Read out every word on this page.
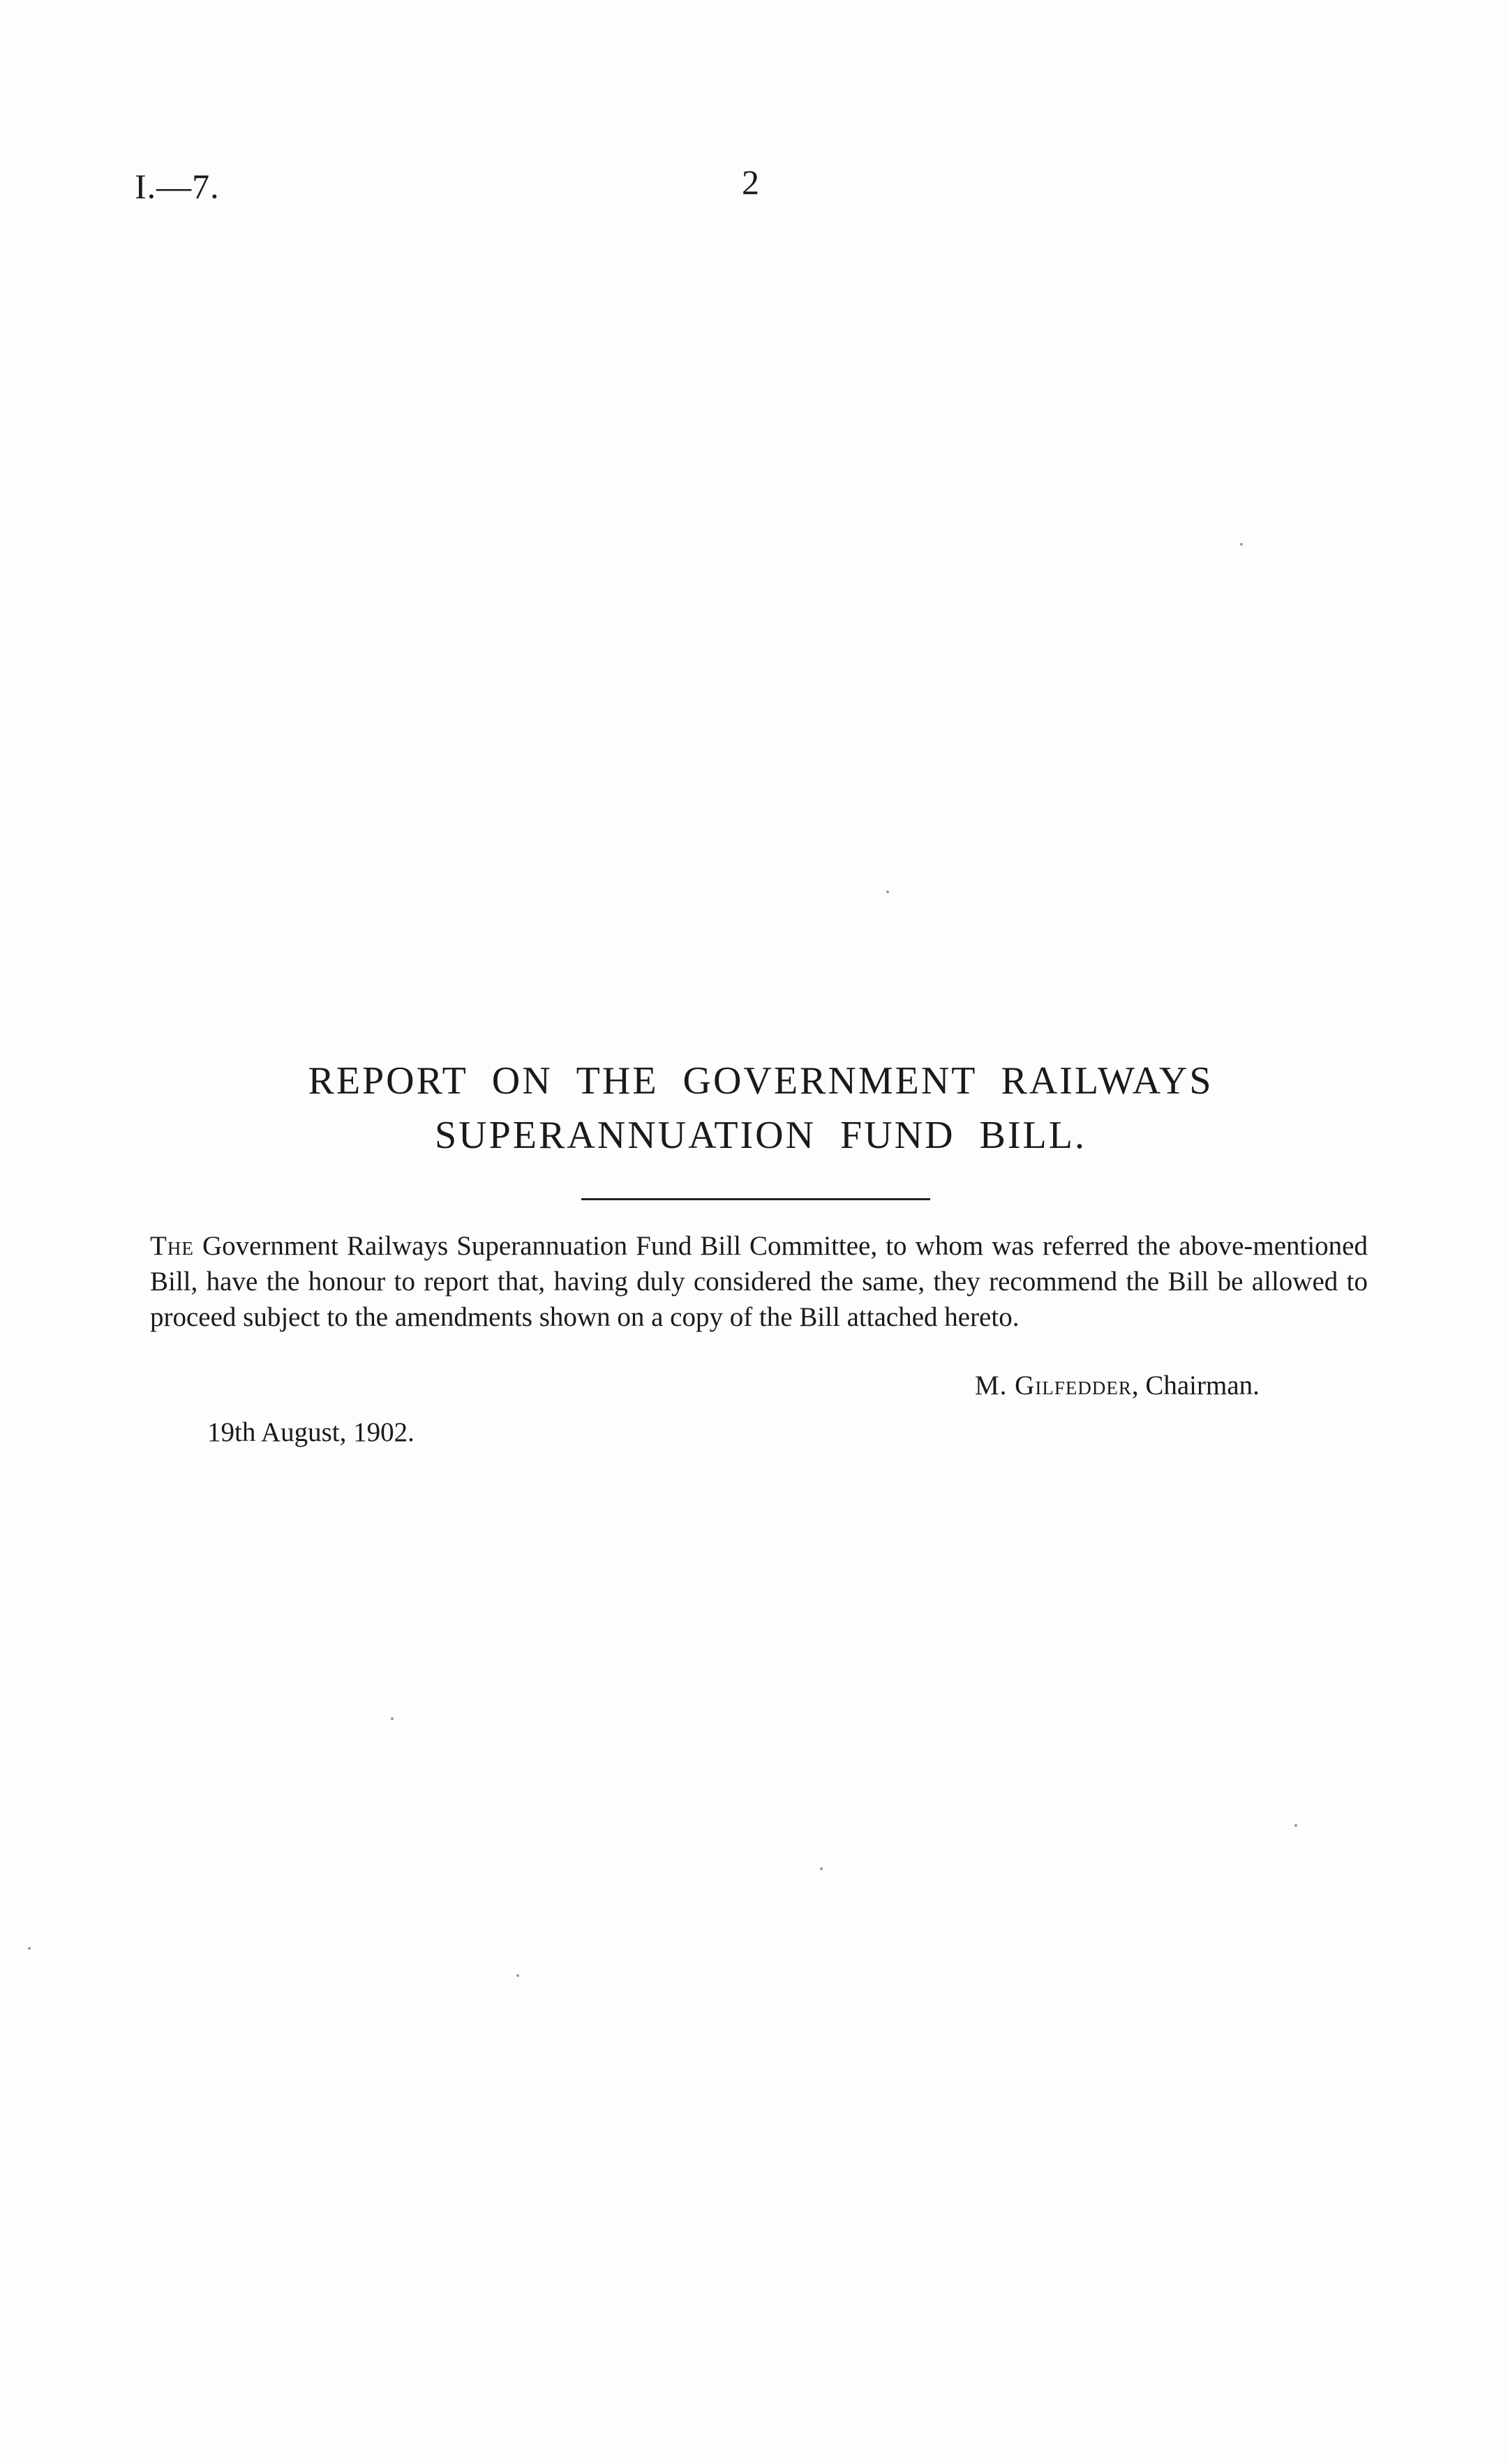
I.—7.	2
REPORT ON THE GOVERNMENT RAILWAYS SUPERANNUATION FUND BILL.
The Government Railways Superannuation Fund Bill Committee, to whom was referred the above-mentioned Bill, have the honour to report that, having duly considered the same, they recommend the Bill be allowed to proceed subject to the amendments shown on a copy of the Bill attached hereto.
M. Gilfedder, Chairman.
19th August, 1902.
